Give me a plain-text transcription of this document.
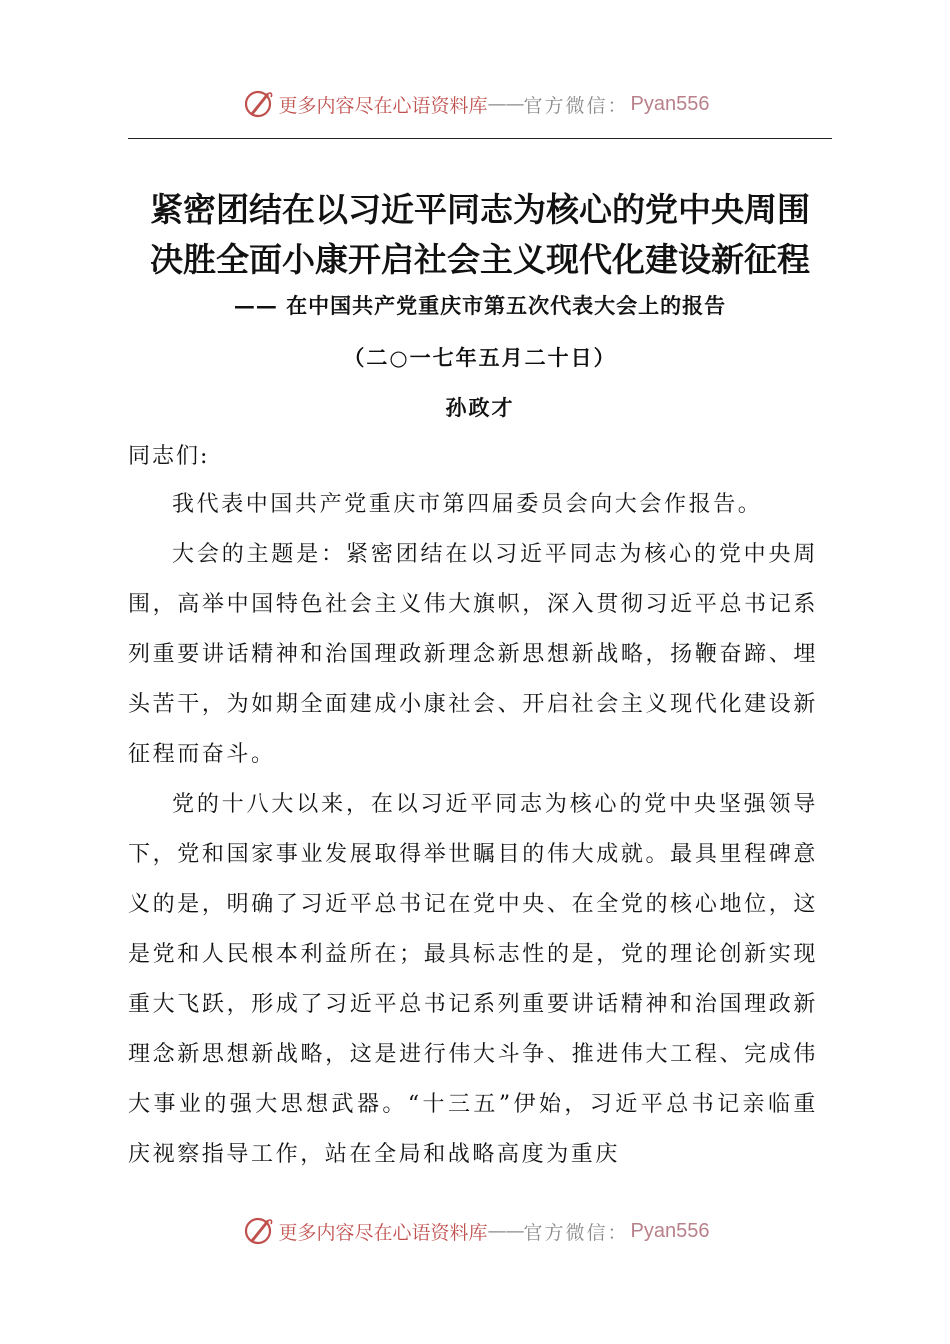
更多内容尽在心语资料库 —— 官方微信： Pyan556
紧密团结在以习近平同志为核心的党中央周围
决胜全面小康开启社会主义现代化建设新征程
—— 在中国共产党重庆市第五次代表大会上的报告
（二○一七年五月二十日）
孙政才
同志们:

我代表中国共产党重庆市第四届委员会向大会作报告。

大会的主题是：紧密团结在以习近平同志为核心的党中央周围，高举中国特色社会主义伟大旗帜，深入贯彻习近平总书记系列重要讲话精神和治国理政新理念新思想新战略，扬鞭奋蹄、埋头苦干，为如期全面建成小康社会、开启社会主义现代化建设新征程而奋斗。

党的十八大以来，在以习近平同志为核心的党中央坚强领导下，党和国家事业发展取得举世瞩目的伟大成就。最具里程碑意义的是，明确了习近平总书记在党中央、在全党的核心地位，这是党和人民根本利益所在；最具标志性的是，党的理论创新实现重大飞跃，形成了习近平总书记系列重要讲话精神和治国理政新理念新思想新战略，这是进行伟大斗争、推进伟大工程、完成伟大事业的强大思想武器。“十三五”伊始，习近平总书记亲临重庆视察指导工作，站在全局和战略高度为重庆

更多内容尽在心语资料库 —— 官方微信： Pyan556
